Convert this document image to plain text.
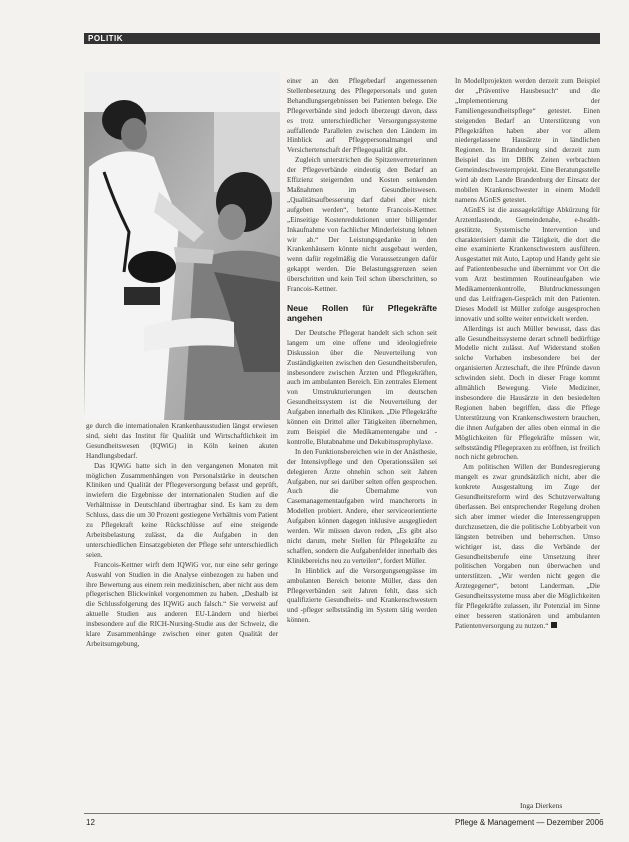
POLITIK

ge durch die internationalen Krankenhausstudien längst erwiesen sind, sieht das Institut für Qualität und Wirtschaftlichkeit im Gesundheitswesen (IQWiG) in Köln keinen akuten Handlungsbedarf.

Das IQWiG hatte sich in den vergangenen Monaten mit möglichen Zusammenhängen von Personalstärke in deutschen Kliniken und Qualität der Pflegeversorgung befasst und geprüft, inwiefern die Ergebnisse der internationalen Studien auf die Verhältnisse in Deutschland übertragbar sind. Es kam zu dem Schluss, dass die um 30 Prozent gestiegene Verhältnis vom Patient zu Pflegekraft keine Rückschlüsse auf eine steigende Arbeitsbelastung zulässt, da die Aufgaben in den unterschiedlichen Einsatzgebieten der Pflege sehr unterschiedlich seien.

Francois-Kettner wirft dem IQWiG vor, nur eine sehr geringe Auswahl von Studien in die Analyse einbezogen zu haben und ihre Bewertung aus einem rein medizinischen, aber nicht aus dem pflegerischen Blickwinkel vorgenommen zu haben. „Deshalb ist die Schlussfolgerung des IQWiG auch falsch.“ Sie verweist auf aktuelle Studien aus anderen EU-Ländern und hierbei insbesondere auf die RICH-Nursing-Studie aus der Schweiz, die klare Zusammenhänge zwischen einer guten Qualität der Arbeitsumgebung,

einer an den Pflegebedarf angemessenen Stellenbesetzung des Pflegepersonals und guten Behandlungsergebnissen bei Patienten belege. Die Pflegeverbände sind jedoch überzeugt davon, dass es trotz unterschiedlicher Versorgungssysteme auffallende Parallelen zwischen den Ländern im Hinblick auf Pflegepersonalmangel und Versichertenschaft der Pflegequalität gibt.

Zugleich unterstrichen die Spitzenvertreterinnen der Pflegeverbände eindeutig den Bedarf an Effizienz steigernden und Kosten senkenden Maßnahmen im Gesundheitswesen. „Qualitätsaufbesserung darf dabei aber nicht aufgeben werden“, betonte Francois-Kettner. „Einseitige Kostenreduktionen unter billigender Inkaufnahme von fachlicher Minderleistung lehnen wir ab.“ Der Leistungsgedanke in den Krankenhäusern könnte nicht ausgebaut werden, wenn dafür regelmäßig die Voraussetzungen dafür gekappt werden. Die Belastungsgrenzen seien überschritten und kein Teil schon überschritten, so Francois-Kettner.

Neue Rollen für Pflegekräfte angehen

Der Deutsche Pflegerat handelt sich schon seit langem um eine offene und ideologiefreie Diskussion über die Neuverteilung von Zuständigkeiten zwischen den Gesundheitsberufen, insbesondere zwischen Ärzten und Pflegekräften, auch im ambulanten Bereich. Ein zentrales Element von Umstrukturierungen im deutschen Gesundheitssystem ist die Neuverteilung der Aufgaben innerhalb des Kliniken. „Die Pflegekräfte können ein Drittel aller Tätigkeiten übernehmen, zum Beispiel die Medikamentengabe und -kontrolle, Blutabnahme und Dekubitusprophylaxe.

In den Funktionsbereichen wie in der Anästhesie, der Intensivpflege und den Operationssälen sei delegieren Ärzte ohnehin schon seit Jahren Aufgaben, nur sei darüber selten offen gesprochen. Auch die Übernahme von Casemanagementaufgaben wird mancherorts in Modellen probiert. Andere, eher serviceorientierte Aufgaben können dagegen inklusive ausgegliedert werden. Wir müssen davon reden, „Es gibt also nicht darum, mehr Stellen für Pflegekräfte zu schaffen, sondern die Aufgabenfelder innerhalb des Klinikbereichs neu zu verteilen“, fordert Müller.

In Hinblick auf die Versorgungsengpässe im ambulanten Bereich betonte Müller, dass den Pflegeverbänden seit Jahren fehlt, dass sich qualifizierte Gesundheits- und Krankenschwestern und -pfleger selbstständig im System tätig werden können.

In Modellprojekten werden derzeit zum Beispiel der „Präventive Hausbesuch“ und die „Implementierung der Familiengesundheitspflege“ getestet. Einen steigenden Bedarf an Unterstützung von Pflegekräften haben aber vor allem niedergelassene Hausärzte in ländlichen Regionen. In Brandenburg sind derzeit zum Beispiel das im DBfK Zeiten verbrachten Gemeindeschwesternprojekt. Eine Beratungsstelle wird ab dem Lande Brandenburg der Einsatz der mobilen Krankenschwester in einem Modell namens AGnES getestet.

AGnES ist die aussagekräftige Abkürzung für Arztentlastende, Gemeindenahe, e-health-gestützte, Systemische Intervention und charakterisiert damit die Tätigkeit, die dort die eine examinierte Krankenschwestern ausführen. Ausgestattet mit Auto, Laptop und Handy geht sie auf Patientenbesuche und übernimmt vor Ort die vom Arzt bestimmten Routineaufgaben wie Medikamentenkontrolle, Blutdruckmessungen und das Leitfragen-Gespräch mit den Patienten. Dieses Modell ist Müller zufolge ausgesprochen innovativ und sollte weiter entwickelt werden.

Allerdings ist auch Müller bewusst, dass das alle Gesundheitssysteme derart schnell bedürftige Modelle nicht zulässt. Auf Widerstand stoßen solche Vorhaben insbesondere bei der organisierten Ärzteschaft, die ihre Pfründe davon schwinden sieht. Doch in dieser Frage kommt allmählich Bewegung. Viele Mediziner, insbesondere die Hausärzte in den besiedelten Regionen haben begriffen, dass die Pflege Unterstützung von Krankenschwestern brauchen, die ihnen Aufgaben der alles oben einmal in die Möglichkeiten für Pflegekräfte müssen wir, selbstständig Pflegepraxen zu eröffnen, ist freilich noch nicht gebrochen.

Am politischen Willen der Bundesregierung mangelt es zwar grundsätzlich nicht, aber die konkrete Ausgestaltung im Zuge der Gesundheitsreform wird des Schutzverwaltung überlassen. Bei entsprechender Regelung drohen sich aber immer wieder die Interessengruppen durchzusetzen, die die politische Lobbyarbeit von längsten betreiben und beherrschen. Umso wichtiger ist, dass die Verbände der Gesundheitsberufe eine Umsetzung ihrer politischen Vorgaben nun überwachen und unterstützen. „Wir werden nicht gegen die Ärztegegener“, betont Landerman. „Die Gesundheitssysteme muss aber die Möglichkeiten für Pflegekräfte zulassen, ihr Potenzial im Sinne einer besseren stationären und ambulanten Patientenversorgung zu nutzen.“

Inga Dierkens
12	Pflege & Management — Dezember 2006
